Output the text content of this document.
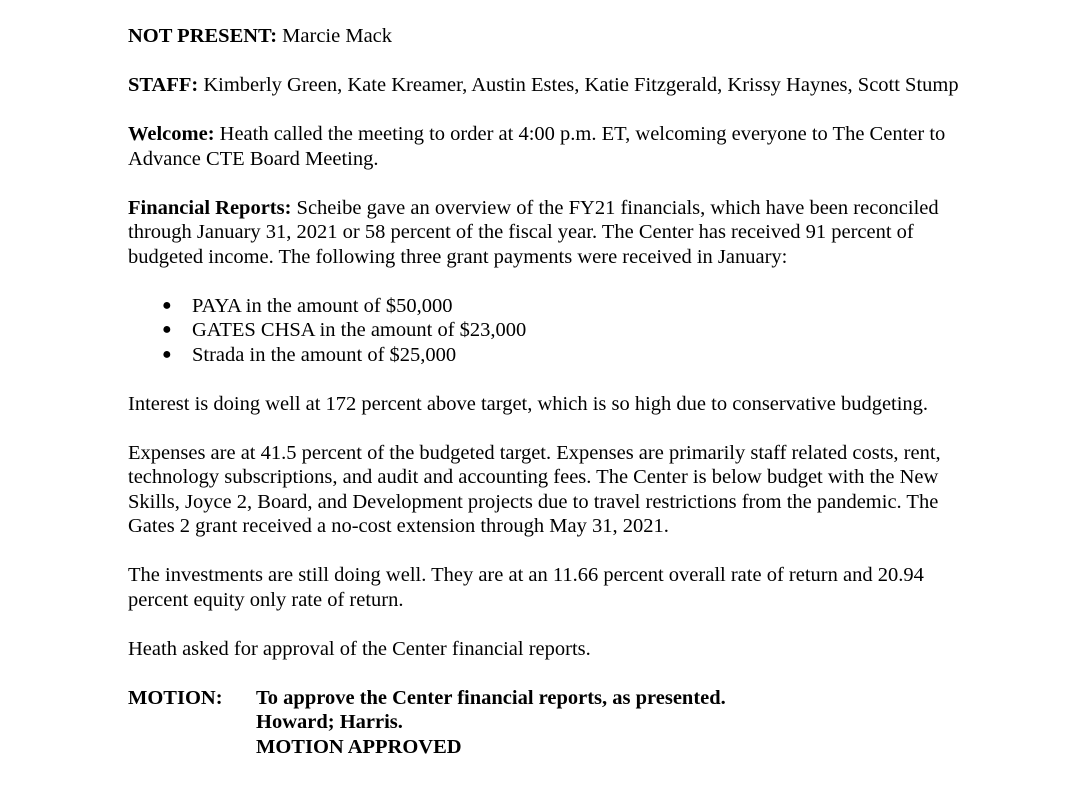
NOT PRESENT: Marcie Mack

STAFF: Kimberly Green, Kate Kreamer, Austin Estes, Katie Fitzgerald, Krissy Haynes, Scott Stump

Welcome: Heath called the meeting to order at 4:00 p.m. ET, welcoming everyone to The Center to Advance CTE Board Meeting.

Financial Reports: Scheibe gave an overview of the FY21 financials, which have been reconciled through January 31, 2021 or 58 percent of the fiscal year. The Center has received 91 percent of budgeted income. The following three grant payments were received in January:

● PAYA in the amount of $50,000
● GATES CHSA in the amount of $23,000
● Strada in the amount of $25,000

Interest is doing well at 172 percent above target, which is so high due to conservative budgeting.

Expenses are at 41.5 percent of the budgeted target. Expenses are primarily staff related costs, rent, technology subscriptions, and audit and accounting fees. The Center is below budget with the New Skills, Joyce 2, Board, and Development projects due to travel restrictions from the pandemic. The Gates 2 grant received a no-cost extension through May 31, 2021.

The investments are still doing well. They are at an 11.66 percent overall rate of return and 20.94 percent equity only rate of return.

Heath asked for approval of the Center financial reports.

MOTION:	To approve the Center financial reports, as presented.
Howard; Harris.
MOTION APPROVED
